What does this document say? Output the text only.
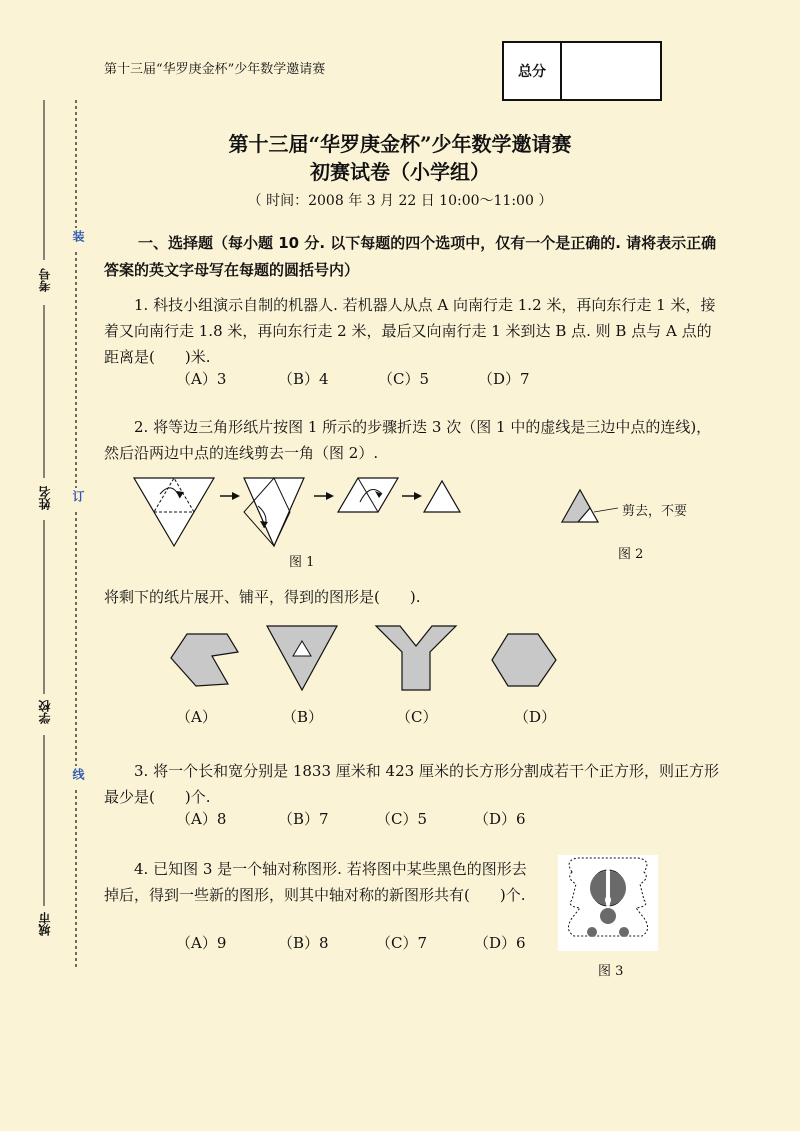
第十三届“华罗庚金杯”少年数学邀请赛	总分
考号
姓名
学校
城市
装
订
线
第十三届“华罗庚金杯”少年数学邀请赛
初赛试卷（小学组）
（ 时间：2008 年 3 月 22 日 10:00～11:00 ）
一、选择题（每小题 10 分. 以下每题的四个选项中，仅有一个是正确的. 请将表示正确答案的英文字母写在每题的圆括号内）
1. 科技小组演示自制的机器人. 若机器人从点 A 向南行走 1.2 米，再向东行走 1 米，接着又向南行走 1.8 米，再向东行走 2 米，最后又向南行走 1 米到达 B 点. 则 B 点与 A 点的距离是(　　)米.
（A）3	（B）4	（C）5	（D）7
2. 将等边三角形纸片按图 1 所示的步骤折迭 3 次（图 1 中的虚线是三边中点的连线)，然后沿两边中点的连线剪去一角（图 2）.
图 1
剪去，不要
图 2
将剩下的纸片展开、铺平，得到的图形是(　　).
（A）	（B）	（C）	（D）
3. 将一个长和宽分别是 1833 厘米和 423 厘米的长方形分割成若干个正方形，则正方形最少是(　　)个.
（A）8	（B）7	（C）5	（D）6
4. 已知图 3 是一个轴对称图形. 若将图中某些黑色的图形去掉后，得到一些新的图形，则其中轴对称的新图形共有(　　)个.
（A）9	（B）8	（C）7	（D）6
图 3
